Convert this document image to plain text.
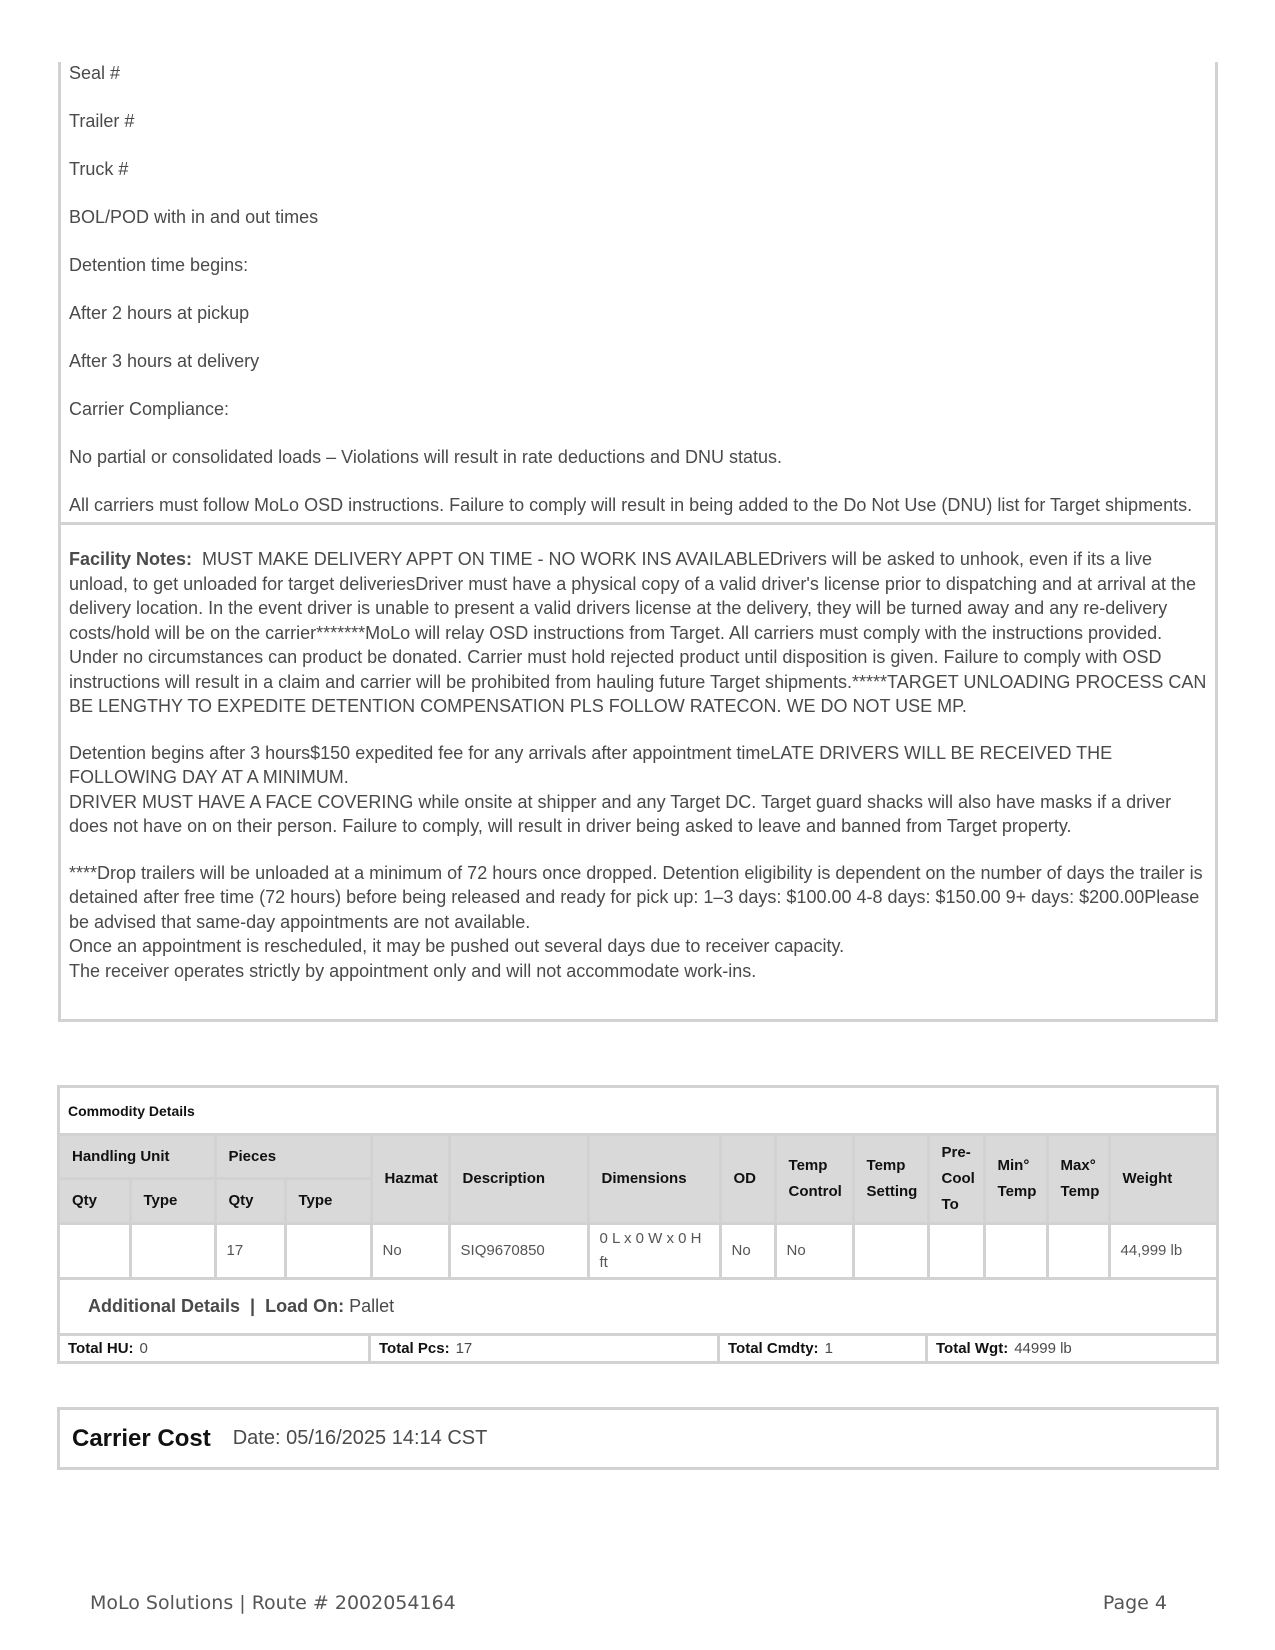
Seal #

Trailer #

Truck #

BOL/POD with in and out times

Detention time begins:

After 2 hours at pickup

After 3 hours at delivery

Carrier Compliance:

No partial or consolidated loads – Violations will result in rate deductions and DNU status.

All carriers must follow MoLo OSD instructions. Failure to comply will result in being added to the Do Not Use (DNU) list for Target shipments.

Facility Notes: MUST MAKE DELIVERY APPT ON TIME - NO WORK INS AVAILABLEDrivers will be asked to unhook, even if its a live unload, to get unloaded for target deliveriesDriver must have a physical copy of a valid driver's license prior to dispatching and at arrival at the delivery location. In the event driver is unable to present a valid drivers license at the delivery, they will be turned away and any re-delivery costs/hold will be on the carrier*******MoLo will relay OSD instructions from Target. All carriers must comply with the instructions provided. Under no circumstances can product be donated. Carrier must hold rejected product until disposition is given. Failure to comply with OSD instructions will result in a claim and carrier will be prohibited from hauling future Target shipments.*****TARGET UNLOADING PROCESS CAN BE LENGTHY TO EXPEDITE DETENTION COMPENSATION PLS FOLLOW RATECON. WE DO NOT USE MP.

Detention begins after 3 hours$150 expedited fee for any arrivals after appointment timeLATE DRIVERS WILL BE RECEIVED THE FOLLOWING DAY AT A MINIMUM.

DRIVER MUST HAVE A FACE COVERING while onsite at shipper and any Target DC. Target guard shacks will also have masks if a driver does not have on on their person. Failure to comply, will result in driver being asked to leave and banned from Target property.

****Drop trailers will be unloaded at a minimum of 72 hours once dropped. Detention eligibility is dependent on the number of days the trailer is detained after free time (72 hours) before being released and ready for pick up: 1–3 days: $100.00 4-8 days: $150.00 9+ days: $200.00Please be advised that same-day appointments are not available.

Once an appointment is rescheduled, it may be pushed out several days due to receiver capacity.

The receiver operates strictly by appointment only and will not accommodate work-ins.

Commodity Details
Handling Unit		Pieces		Hazmat	Description	Dimensions	OD	Temp Control	Temp Setting	Pre-Cool To	Min° Temp	Max° Temp	Weight
Qty	Type	Qty	Type										
		17		No	SIQ9670850	0 L x 0 W x 0 H ft	No	No					44,999 lb
Additional Details  |  Load On: Pallet
Total HU: 0	Total Pcs: 17	Total Cmdty: 1	Total Wgt: 44999 lb
Carrier Cost Date: 05/16/2025 14:14 CST
MoLo Solutions | Route # 2002054164	Page 4
